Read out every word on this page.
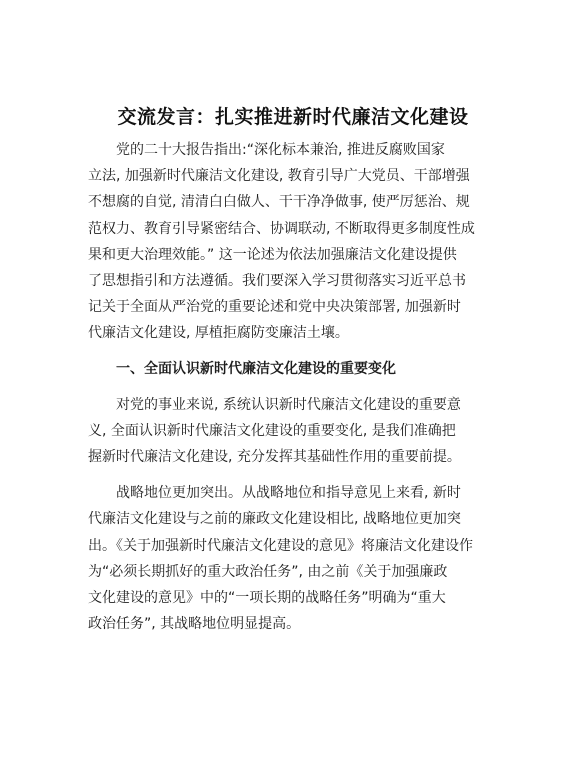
交流发言：扎实推进新时代廉洁文化建设

党的二十大报告指出:“深化标本兼治, 推进反腐败国家
立法, 加强新时代廉洁文化建设, 教育引导广大党员、干部增强
不想腐的自觉, 清清白白做人、干干净净做事, 使严厉惩治、规
范权力、教育引导紧密结合、协调联动, 不断取得更多制度性成
果和更大治理效能。” 这一论述为依法加强廉洁文化建设提供
了思想指引和方法遵循。我们要深入学习贯彻落实习近平总书
记关于全面从严治党的重要论述和党中央决策部署, 加强新时
代廉洁文化建设, 厚植拒腐防变廉洁土壤。

一、全面认识新时代廉洁文化建设的重要变化

对党的事业来说, 系统认识新时代廉洁文化建设的重要意
义, 全面认识新时代廉洁文化建设的重要变化, 是我们准确把
握新时代廉洁文化建设, 充分发挥其基础性作用的重要前提。

战略地位更加突出。从战略地位和指导意见上来看, 新时
代廉洁文化建设与之前的廉政文化建设相比, 战略地位更加突
出。《关于加强新时代廉洁文化建设的意见》将廉洁文化建设作
为“必须长期抓好的重大政治任务”, 由之前《关于加强廉政
文化建设的意见》中的“一项长期的战略任务”明确为“重大
政治任务”, 其战略地位明显提高。
